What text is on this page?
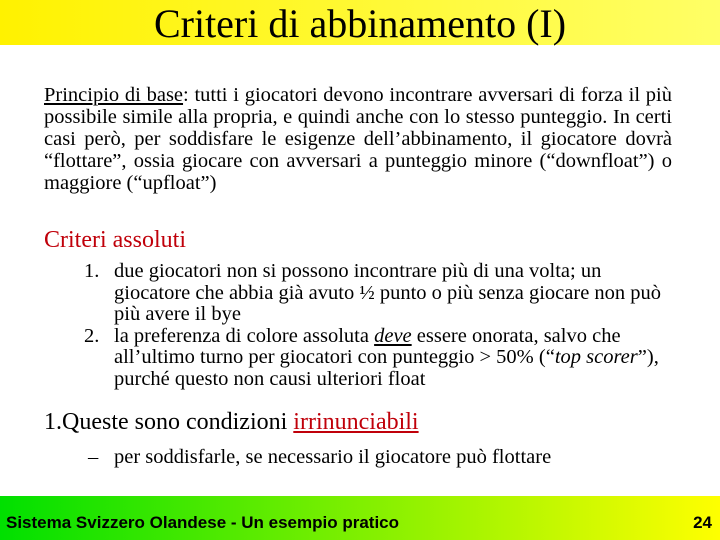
Criteri di abbinamento (I)

Principio di base: tutti i giocatori devono incontrare avversari di forza il più possibile simile alla propria, e quindi anche con lo stesso punteggio. In certi casi però, per soddisfare le esigenze dell’abbinamento, il giocatore dovrà “flottare”, ossia giocare con avversari a punteggio minore (“downfloat”) o maggiore (“upfloat”)

Criteri assoluti

1. due giocatori non si possono incontrare più di una volta; un giocatore che abbia già avuto ½ punto o più senza giocare non può più avere il bye
2. la preferenza di colore assoluta deve essere onorata, salvo che all’ultimo turno per giocatori con punteggio > 50% (“top scorer”), purché questo non causi ulteriori float

1.Queste sono condizioni irrinunciabili

– per soddisfarle, se necessario il giocatore può flottare
Sistema Svizzero Olandese - Un esempio pratico	24
